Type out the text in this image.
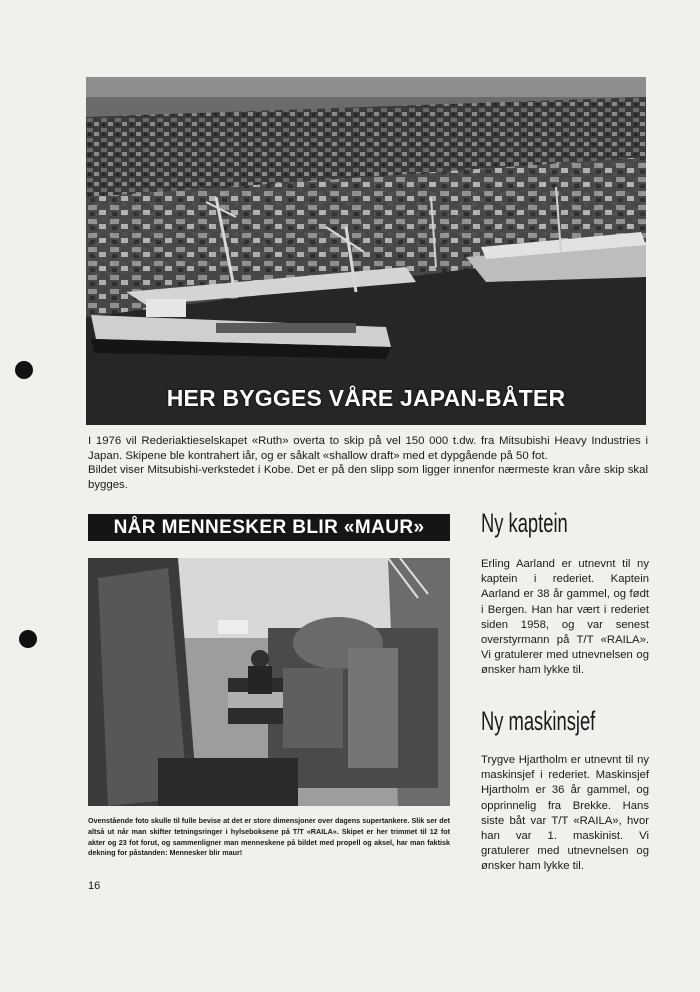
HER BYGGES VÅRE JAPAN-BÅTER

I 1976 vil Rederiaktieselskapet «Ruth» overta to skip på vel 150 000 t.dw. fra Mitsubishi Heavy Industries i Japan. Skipene ble kontrahert iår, og er såkalt «shallow draft» med et dypgående på 50 fot.

Bildet viser Mitsubishi-verkstedet i Kobe. Det er på den slipp som ligger innenfor nærmeste kran våre skip skal bygges.

NÅR MENNESKER BLIR «MAUR»

Ovenstående foto skulle til fulle bevise at det er store dimensjoner over dagens supertankere. Slik ser det altså ut når man skifter tetningsringer i hylseboksene på T/T «RAILA». Skipet er her trimmet til 12 fot akter og 23 fot forut, og sammenligner man menneskene på bildet med propell og aksel, har man faktisk dekning for påstanden: Mennesker blir maur!

16
Ny kaptein

Erling Aarland er utnevnt til ny kaptein i rederiet. Kaptein Aarland er 38 år gammel, og født i Bergen. Han har vært i rederiet siden 1958, og var senest overstyrmann på T/T «RAILA». Vi gratulerer med utnevnelsen og ønsker ham lykke til.

Ny maskinsjef

Trygve Hjartholm er utnevnt til ny maskinsjef i rederiet. Maskinsjef Hjartholm er 36 år gammel, og opprinnelig fra Brekke. Hans siste båt var T/T «RAILA», hvor han var 1. maskinist. Vi gratulerer med utnevnelsen og ønsker ham lykke til.
